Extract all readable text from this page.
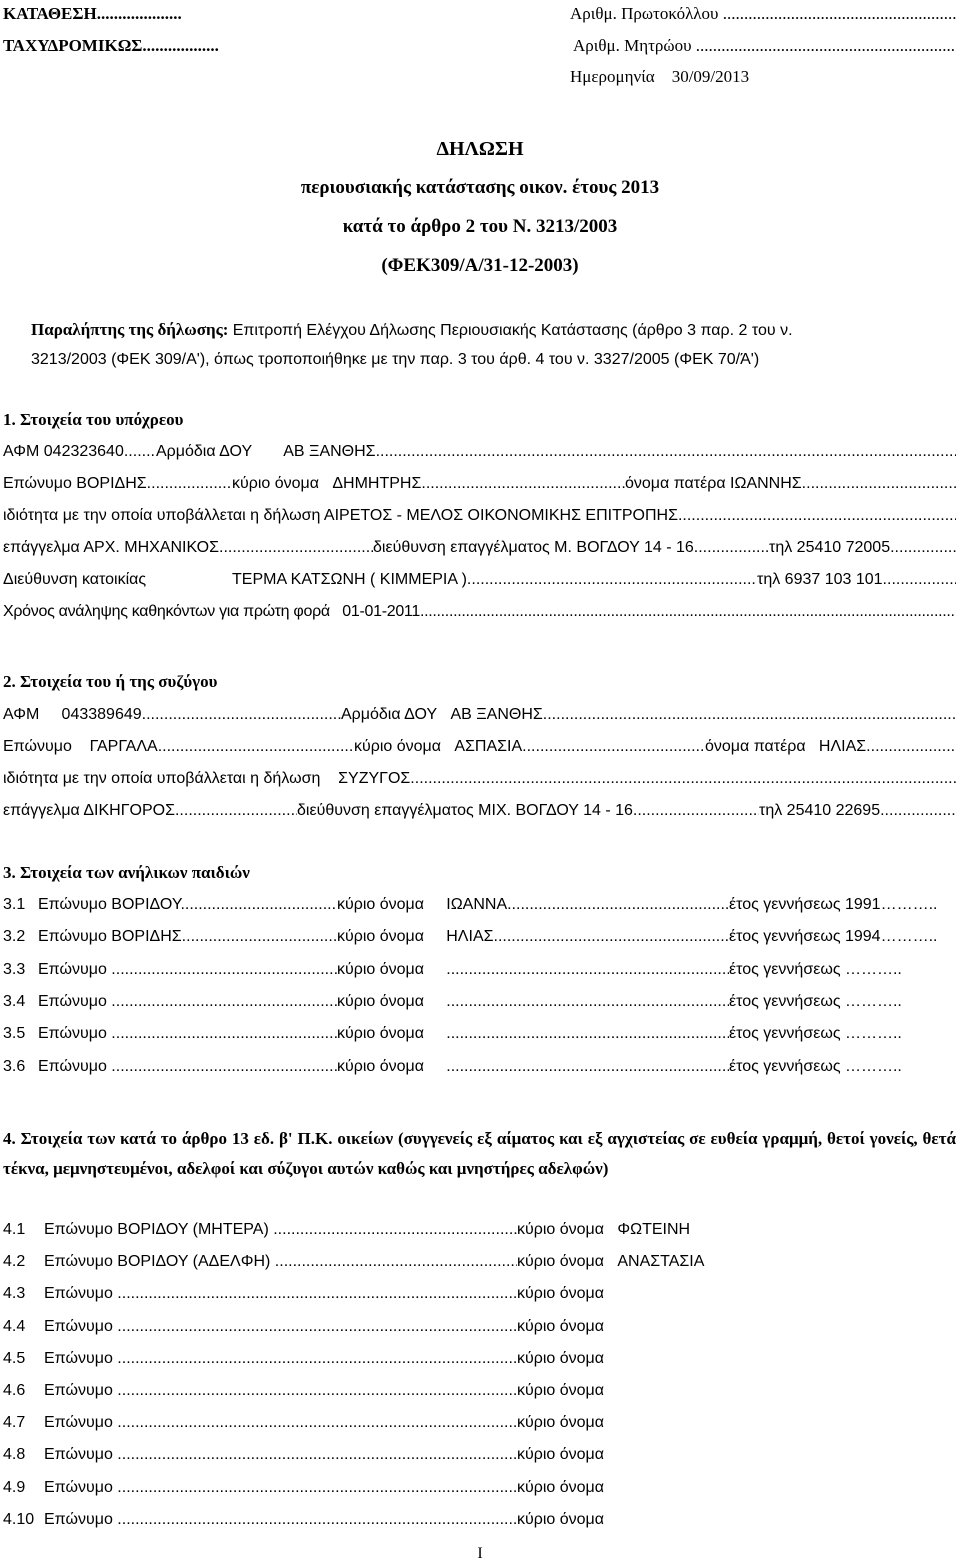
ΚΑΤΑΘΕΣΗ....................
ΤΑΧΥΔΡΟΜΙΚΩΣ..................
Αριθμ. Πρωτοκόλλου .....
Αριθμ. Μητρώου .....
Ημερομηνία 30/09/2013
ΔΗΛΩΣΗ
περιουσιακής κατάστασης οικον. έτους 2013
κατά το άρθρο 2 του Ν. 3213/2003
(ΦΕΚ309/Α/31-12-2003)
Παραλήπτης της δήλωσης: Επιτροπή Ελέγχου Δήλωσης Περιουσιακής Κατάστασης (άρθρο 3 παρ. 2 του ν.
3213/2003 (ΦΕΚ 309/Α'), όπως τροποποιήθηκε με την παρ. 3 του άρθ. 4 του ν. 3327/2005 (ΦΕΚ 70/Ά')
1. Στοιχεία του υπόχρεου
ΑΦΜ 042323640 .....	Αρμόδια ΔΟΥ ΑΒ ΞΑΝΘΗΣ .....
Επώνυμο ΒΟΡΙΔΗΣ .....	κύριο όνομα ΔΗΜΗΤΡΗΣ .....	όνομα πατέρα ΙΩΑΝΝΗΣ .....
ιδιότητα με την οποία υποβάλλεται η δήλωση ΑΙΡΕΤΟΣ - ΜΕΛΟΣ ΟΙΚΟΝΟΜΙΚΗΣ ΕΠΙΤΡΟΠΗΣ .....
επάγγελμα ΑΡΧ. ΜΗΧΑΝΙΚΟΣ .....	διεύθυνση επαγγέλματος Μ. ΒΟΓΔΟΥ 14 - 16 .....	τηλ 25410 72005 .....
Διεύθυνση κατοικίας	ΤΕΡΜΑ ΚΑΤΣΩΝΗ ( ΚΙΜΜΕΡΙΑ ) .....	τηλ 6937 103 101 .....
Χρόνος ανάληψης καθηκόντων για πρώτη φορά 01-01-2011 .....
2. Στοιχεία του ή της συζύγου
ΑΦΜ 043389649 .....	Αρμόδια ΔΟΥ ΑΒ ΞΑΝΘΗΣ .....
Επώνυμο ΓΑΡΓΑΛΑ .....	κύριο όνομα ΑΣΠΑΣΙΑ .....	όνομα πατέρα ΗΛΙΑΣ .....
ιδιότητα με την οποία υποβάλλεται η δήλωση ΣΥΖΥΓΟΣ .....
επάγγελμα ΔΙΚΗΓΟΡΟΣ .....	διεύθυνση επαγγέλματος ΜΙΧ. ΒΟΓΔΟΥ 14 - 16 .....	τηλ 25410 22695 .....
3. Στοιχεία των ανήλικων παιδιών
3.1 Επώνυμο ΒΟΡΙΔΟΥ .....	κύριο όνομα ΙΩΑΝΝΑ .....	έτος γεννήσεως 1991………..
3.2 Επώνυμο ΒΟΡΙΔΗΣ .....	κύριο όνομα ΗΛΙΑΣ .....	έτος γεννήσεως 1994………..
3.3 Επώνυμο .....	κύριο όνομα      .....	έτος γεννήσεως ………..
3.4 Επώνυμο .....	κύριο όνομα      .....	έτος γεννήσεως ………..
3.5 Επώνυμο .....	κύριο όνομα      .....	έτος γεννήσεως ………..
3.6 Επώνυμο .....	κύριο όνομα      .....	έτος γεννήσεως ………..
4. Στοιχεία των κατά το άρθρο 13 εδ. β' Π.Κ. οικείων (συγγενείς εξ αίματος και εξ αγχιστείας σε ευθεία γραμμή, θετοί γονείς, θετά τέκνα, μεμνηστευμένοι, αδελφοί και σύζυγοι αυτών καθώς και μνηστήρες αδελφών)
4.1 Επώνυμο ΒΟΡΙΔΟΥ (ΜΗΤΕΡΑ) .....	κύριο όνομα ΦΩΤΕΙΝΗ
4.2 Επώνυμο ΒΟΡΙΔΟΥ (ΑΔΕΛΦΗ) .....	κύριο όνομα ΑΝΑΣΤΑΣΙΑ
4.3 Επώνυμο .....	κύριο όνομα
4.4 Επώνυμο .....	κύριο όνομα
4.5 Επώνυμο .....	κύριο όνομα
4.6 Επώνυμο .....	κύριο όνομα
4.7 Επώνυμο .....	κύριο όνομα
4.8 Επώνυμο .....	κύριο όνομα
4.9 Επώνυμο .....	κύριο όνομα
4.10 Επώνυμο .....	κύριο όνομα
I
